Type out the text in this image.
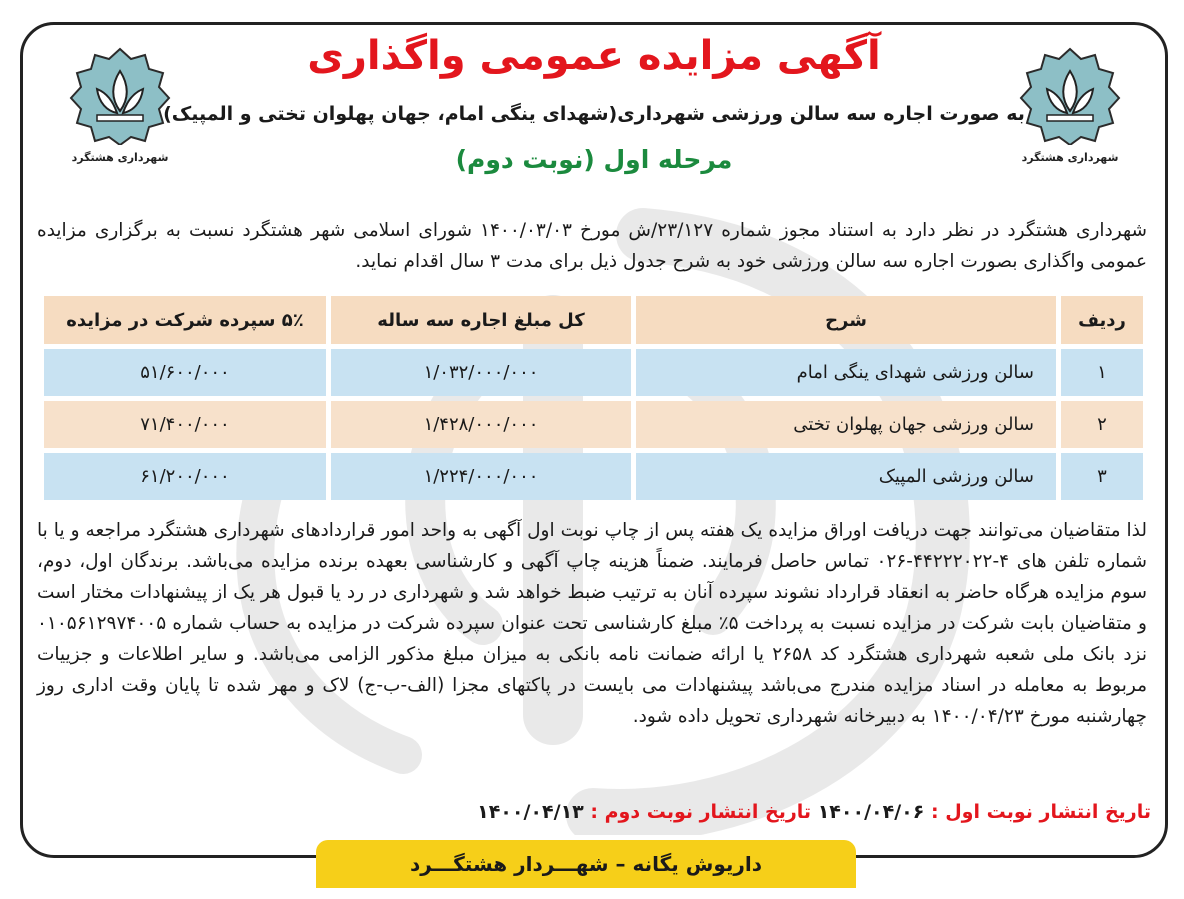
شهرداری هشتگرد	شهرداری هشتگرد
آگهی مزایده عمومی واگذاری
به صورت اجاره سه سالن ورزشی شهرداری(شهدای ینگی امام، جهان پهلوان تختی و المپیک)
مرحله اول (نوبت دوم)

شهرداری هشتگرد در نظر دارد به استناد مجوز شماره ۲۳/۱۲۷/ش مورخ ۱۴۰۰/۰۳/۰۳ شورای اسلامی شهر هشتگرد نسبت به برگزاری مزایده عمومی واگذاری بصورت اجاره سه سالن ورزشی خود به شرح جدول ذیل برای مدت ۳ سال اقدام نماید.

ردیف	شرح	کل مبلغ اجاره سه ساله	۵٪ سپرده شرکت در مزایده
۱	سالن ورزشی شهدای ینگی امام	۱/۰۳۲/۰۰۰/۰۰۰	۵۱/۶۰۰/۰۰۰
۲	سالن ورزشی جهان پهلوان تختی	۱/۴۲۸/۰۰۰/۰۰۰	۷۱/۴۰۰/۰۰۰
۳	سالن ورزشی المپیک	۱/۲۲۴/۰۰۰/۰۰۰	۶۱/۲۰۰/۰۰۰

لذا متقاضیان می‌توانند جهت دریافت اوراق مزایده یک هفته پس از چاپ نوبت اول آگهی به واحد امور قراردادهای شهرداری هشتگرد مراجعه و یا با شماره تلفن های ۴-۴۴۲۲۲۰۲۲-۰۲۶ تماس حاصل فرمایند. ضمناً هزینه چاپ آگهی و کارشناسی بعهده برنده مزایده می‌باشد. برندگان اول، دوم، سوم مزایده هرگاه حاضر به انعقاد قرارداد نشوند سپرده آنان به ترتیب ضبط خواهد شد و شهرداری در رد یا قبول هر یک از پیشنهادات مختار است و متقاضیان بابت شرکت در مزایده نسبت به پرداخت ۵٪ مبلغ کارشناسی تحت عنوان سپرده شرکت در مزایده به حساب شماره ۰۱۰۵۶۱۲۹۷۴۰۰۵ نزد بانک ملی شعبه شهرداری هشتگرد کد ۲۶۵۸ یا ارائه ضمانت نامه بانکی به میزان مبلغ مذکور الزامی می‌باشد. و سایر اطلاعات و جزییات مربوط به معامله در اسناد مزایده مندرج می‌باشد پیشنهادات می بایست در پاکتهای مجزا (الف-ب-ج) لاک و مهر شده تا پایان وقت اداری روز چهارشنبه مورخ ۱۴۰۰/۰۴/۲۳ به دبیرخانه شهرداری تحویل داده شود.

تاریخ انتشار نوبت اول : ۱۴۰۰/۰۴/۰۶ تاریخ انتشار نوبت دوم : ۱۴۰۰/۰۴/۱۳

داریوش یگانه – شهـــردار هشتگـــرد
